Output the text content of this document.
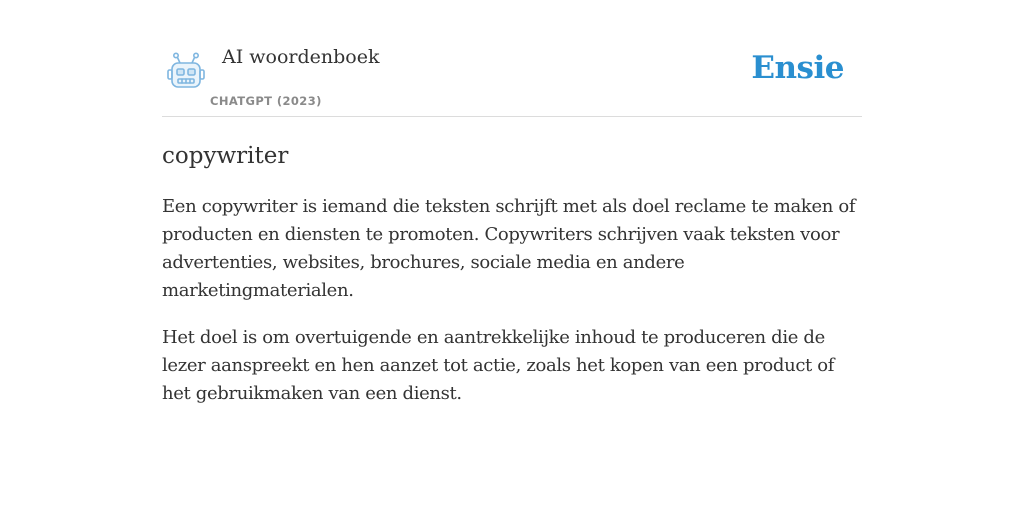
AI woordenboek
CHATGPT (2023)
Ensie
copywriter

Een copywriter is iemand die teksten schrijft met als doel reclame te maken of producten en diensten te promoten. Copywriters schrijven vaak teksten voor advertenties, websites, brochures, sociale media en andere marketingmaterialen.

Het doel is om overtuigende en aantrekkelijke inhoud te produceren die de lezer aanspreekt en hen aanzet tot actie, zoals het kopen van een product of het gebruikmaken van een dienst.
